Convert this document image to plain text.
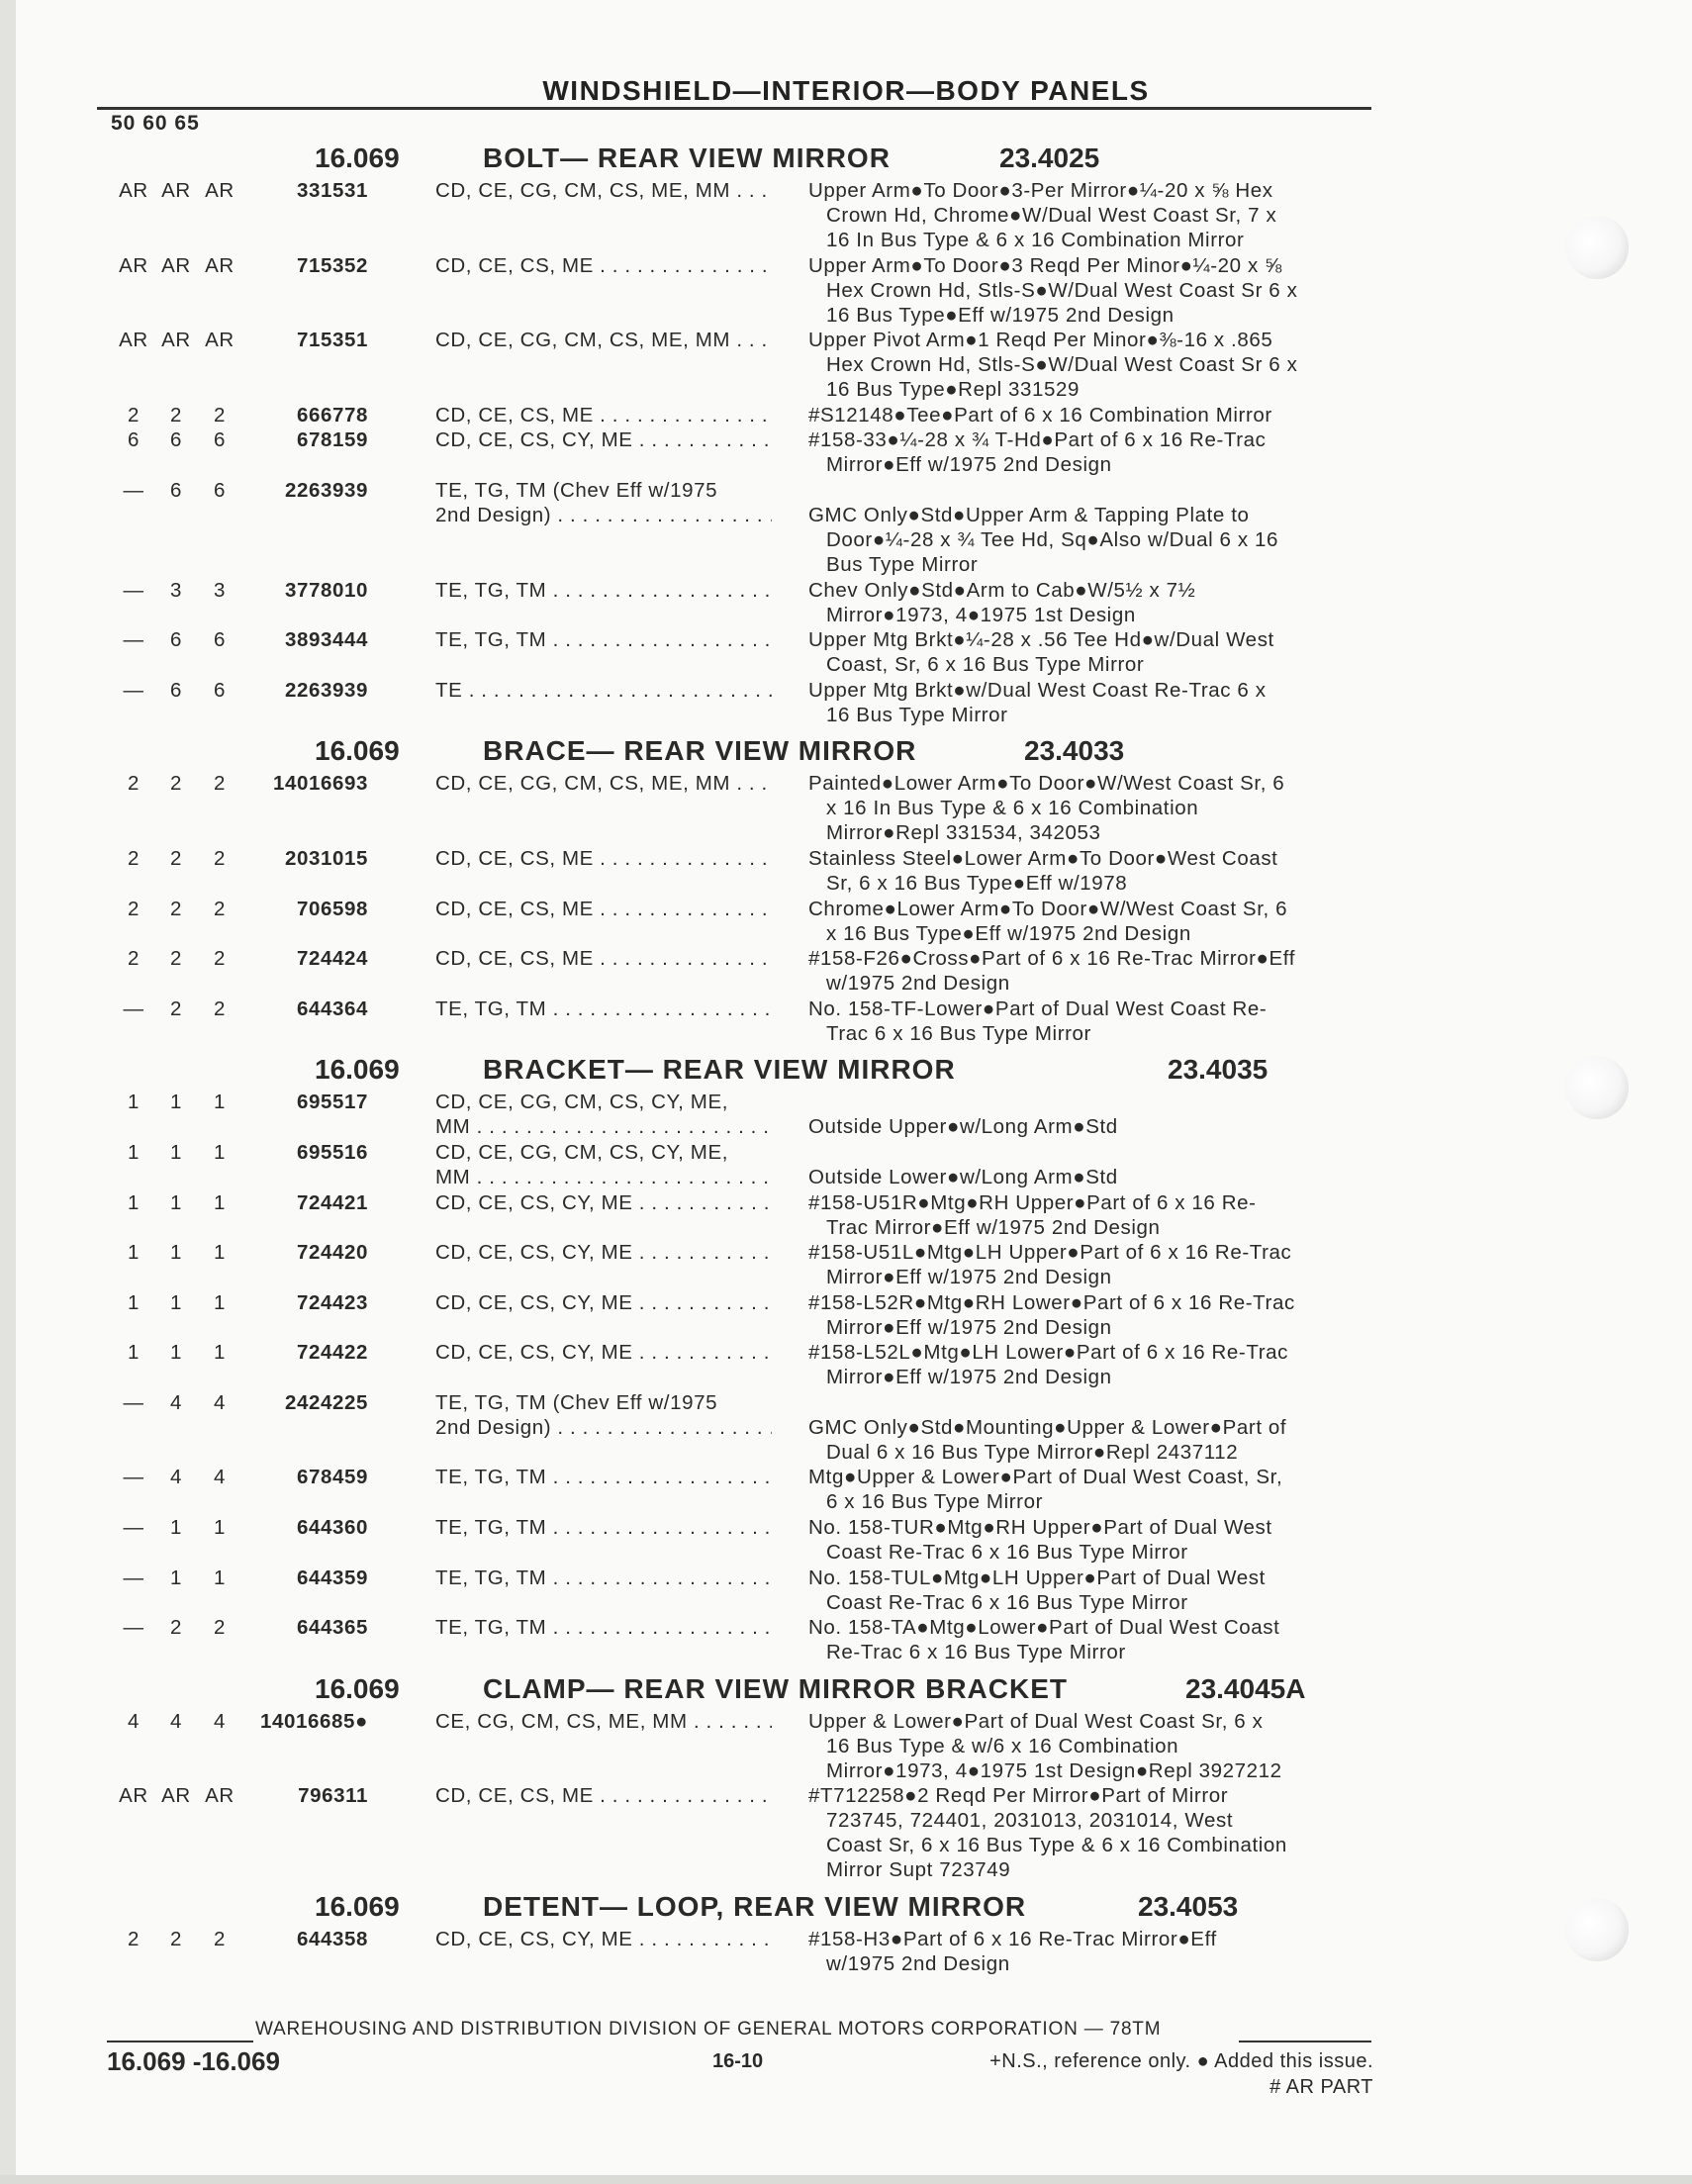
WINDSHIELD—INTERIOR—BODY PANELS
50 60 65
16.069	BOLT— REAR VIEW MIRROR	23.4025
AR AR AR	331531	CD, CE, CG, CM, CS, ME, MM . . .	Upper Arm●To Door●3-Per Mirror●¼-20 x ⅝ Hex
Crown Hd, Chrome●W/Dual West Coast Sr, 7 x
16 In Bus Type & 6 x 16 Combination Mirror
AR AR AR	715352	CD, CE, CS, ME . . .	Upper Arm●To Door●3 Reqd Per Minor●¼-20 x ⅝
Hex Crown Hd, Stls-S●W/Dual West Coast Sr 6 x
16 Bus Type●Eff w/1975 2nd Design
AR AR AR	715351	CD, CE, CG, CM, CS, ME, MM . . .	Upper Pivot Arm●1 Reqd Per Minor●⅜-16 x .865
Hex Crown Hd, Stls-S●W/Dual West Coast Sr 6 x
16 Bus Type●Repl 331529
2	2	2	666778	CD, CE, CS, ME . . .	#S12148●Tee●Part of 6 x 16 Combination Mirror
6	6	6	678159	CD, CE, CS, CY, ME . . .	#158-33●¼-28 x ¾ T-Hd●Part of 6 x 16 Re-Trac
Mirror●Eff w/1975 2nd Design
—	6	6	2263939	TE, TG, TM (Chev Eff w/1975
2nd Design) . . .
	GMC Only●Std●Upper Arm & Tapping Plate to
Door●¼-28 x ¾ Tee Hd, Sq●Also w/Dual 6 x 16
Bus Type Mirror
—	3	3	3778010	TE, TG, TM . . .	Chev Only●Std●Arm to Cab●W/5½ x 7½
Mirror●1973, 4●1975 1st Design
—	6	6	3893444	TE, TG, TM . . .	Upper Mtg Brkt●¼-28 x .56 Tee Hd●w/Dual West
Coast, Sr, 6 x 16 Bus Type Mirror
—	6	6	2263939	TE . . .	Upper Mtg Brkt●w/Dual West Coast Re-Trac 6 x
16 Bus Type Mirror
16.069	BRACE— REAR VIEW MIRROR	23.4033
2	2	2	14016693	CD, CE, CG, CM, CS, ME, MM . . .	Painted●Lower Arm●To Door●W/West Coast Sr, 6
x 16 In Bus Type & 6 x 16 Combination
Mirror●Repl 331534, 342053
2	2	2	2031015	CD, CE, CS, ME . . .	Stainless Steel●Lower Arm●To Door●West Coast
Sr, 6 x 16 Bus Type●Eff w/1978
2	2	2	706598	CD, CE, CS, ME . . .	Chrome●Lower Arm●To Door●W/West Coast Sr, 6
x 16 Bus Type●Eff w/1975 2nd Design
2	2	2	724424	CD, CE, CS, ME . . .	#158-F26●Cross●Part of 6 x 16 Re-Trac Mirror●Eff
w/1975 2nd Design
—	2	2	644364	TE, TG, TM . . .	No. 158-TF-Lower●Part of Dual West Coast Re-
Trac 6 x 16 Bus Type Mirror
16.069	BRACKET— REAR VIEW MIRROR	23.4035
1	1	1	695517	CD, CE, CG, CM, CS, CY, ME,
MM . . .
	Outside Upper●w/Long Arm●Std
1	1	1	695516	CD, CE, CG, CM, CS, CY, ME,
MM . . .
	Outside Lower●w/Long Arm●Std
1	1	1	724421	CD, CE, CS, CY, ME . . .	#158-U51R●Mtg●RH Upper●Part of 6 x 16 Re-
Trac Mirror●Eff w/1975 2nd Design
1	1	1	724420	CD, CE, CS, CY, ME . . .	#158-U51L●Mtg●LH Upper●Part of 6 x 16 Re-Trac
Mirror●Eff w/1975 2nd Design
1	1	1	724423	CD, CE, CS, CY, ME . . .	#158-L52R●Mtg●RH Lower●Part of 6 x 16 Re-Trac
Mirror●Eff w/1975 2nd Design
1	1	1	724422	CD, CE, CS, CY, ME . . .	#158-L52L●Mtg●LH Lower●Part of 6 x 16 Re-Trac
Mirror●Eff w/1975 2nd Design
—	4	4	2424225	TE, TG, TM (Chev Eff w/1975
2nd Design) . . .
	GMC Only●Std●Mounting●Upper & Lower●Part of
Dual 6 x 16 Bus Type Mirror●Repl 2437112
—	4	4	678459	TE, TG, TM . . .	Mtg●Upper & Lower●Part of Dual West Coast, Sr,
6 x 16 Bus Type Mirror
—	1	1	644360	TE, TG, TM . . .	No. 158-TUR●Mtg●RH Upper●Part of Dual West
Coast Re-Trac 6 x 16 Bus Type Mirror
—	1	1	644359	TE, TG, TM . . .	No. 158-TUL●Mtg●LH Upper●Part of Dual West
Coast Re-Trac 6 x 16 Bus Type Mirror
—	2	2	644365	TE, TG, TM . . .	No. 158-TA●Mtg●Lower●Part of Dual West Coast
Re-Trac 6 x 16 Bus Type Mirror
16.069	CLAMP— REAR VIEW MIRROR BRACKET	23.4045A
4	4	4	14016685●	CE, CG, CM, CS, ME, MM . . .	Upper & Lower●Part of Dual West Coast Sr, 6 x
16 Bus Type & w/6 x 16 Combination
Mirror●1973, 4●1975 1st Design●Repl 3927212
AR AR AR	796311	CD, CE, CS, ME . . .	#T712258●2 Reqd Per Mirror●Part of Mirror
723745, 724401, 2031013, 2031014, West
Coast Sr, 6 x 16 Bus Type & 6 x 16 Combination
Mirror Supt 723749
16.069	DETENT— LOOP, REAR VIEW MIRROR	23.4053
2	2	2	644358	CD, CE, CS, CY, ME . . .	#158-H3●Part of 6 x 16 Re-Trac Mirror●Eff
w/1975 2nd Design
WAREHOUSING AND DISTRIBUTION DIVISION OF GENERAL MOTORS CORPORATION — 78TM
16.069 -16.069	16-10	+N.S., reference only. ● Added this issue.
# AR PART
